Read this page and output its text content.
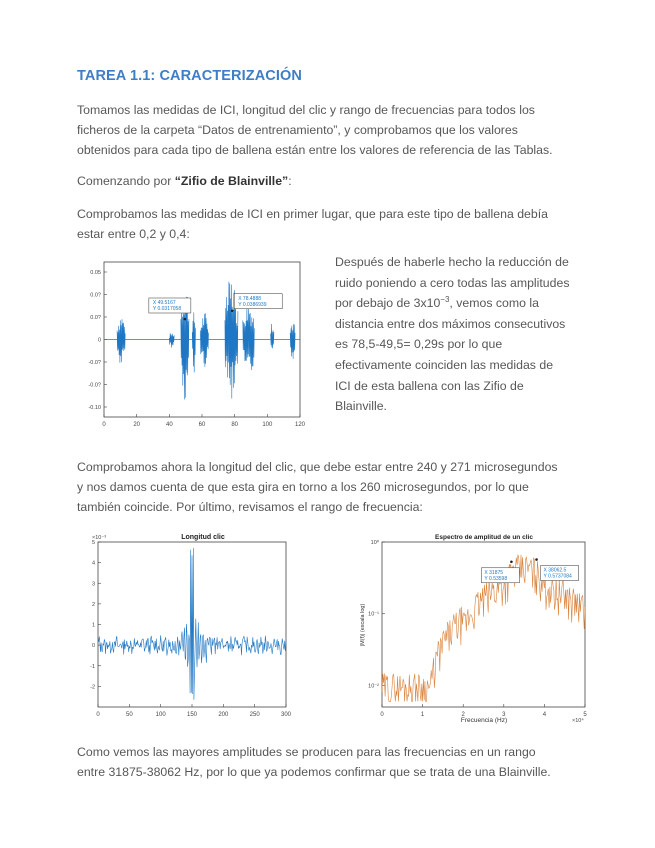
TAREA 1.1: CARACTERIZACIÓN
Tomamos las medidas de ICI, longitud del clic y rango de frecuencias para todos los
ficheros de la carpeta “Datos de entrenamiento”, y comprobamos que los valores
obtenidos para cada tipo de ballena están entre los valores de referencia de las Tablas.
Comenzando por “Zifio de Blainville”:
Comprobamos las medidas de ICI en primer lugar, que para este tipo de ballena debía
estar entre 0,2 y 0,4:
0	20	40	60	80	100	120
0.05
0.0?
0.0?
0
-0.0?
-0.0?
-0.10
X 49.5167
Y 0.0317058
X 78.4888
Y 0.0386939
Después de haberle hecho la reducción de
ruido poniendo a cero todas las amplitudes
por debajo de $3x10^{-3}$, vemos como la
distancia entre dos máximos consecutivos
es 78,5-49,5= 0,29s por lo que
efectivamente coinciden las medidas de
ICI de esta ballena con las Zifio de
Blainville.
Comprobamos ahora la longitud del clic, que debe estar entre 240 y 271 microsegundos
y nos damos cuenta de que esta gira en torno a los 260 microsegundos, por lo que
también coincide. Por último, revisamos el rango de frecuencia:
Longitud clic
×10⁻³
0	50	100	150	200	250	300
5
4
3
2
1
0
-1
-2
Espectro de amplitud de un clic
0	1	2	3	4	5
10⁰
10⁻¹
10⁻²
X 31875
Y 0.53598
X 38062.5
Y 0.5737084
Frecuencia (Hz)	×10⁴
|M(f)| (escala log)
Como vemos las mayores amplitudes se producen para las frecuencias en un rango
entre 31875-38062 Hz, por lo que ya podemos confirmar que se trata de una Blainville.
